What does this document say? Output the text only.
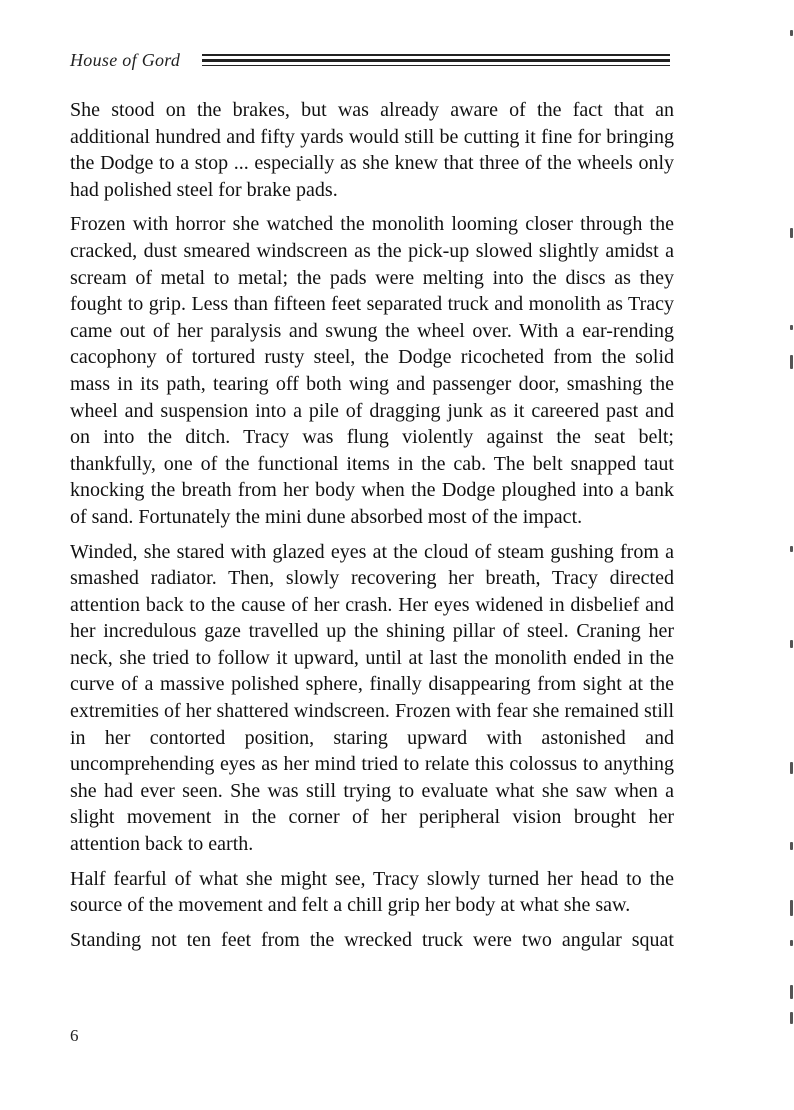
House of Gord

She stood on the brakes, but was already aware of the fact that an additional hundred and fifty yards would still be cutting it fine for bringing the Dodge to a stop ... especially as she knew that three of the wheels only had polished steel for brake pads.

Frozen with horror she watched the monolith looming closer through the cracked, dust smeared windscreen as the pick-up slowed slightly amidst a scream of metal to metal; the pads were melting into the discs as they fought to grip. Less than fifteen feet separated truck and monolith as Tracy came out of her paralysis and swung the wheel over. With a ear-rending cacophony of tortured rusty steel, the Dodge ricocheted from the solid mass in its path, tearing off both wing and passenger door, smashing the wheel and suspension into a pile of dragging junk as it careered past and on into the ditch. Tracy was flung violently against the seat belt; thankfully, one of the functional items in the cab. The belt snapped taut knocking the breath from her body when the Dodge ploughed into a bank of sand. Fortunately the mini dune absorbed most of the impact.

Winded, she stared with glazed eyes at the cloud of steam gushing from a smashed radiator. Then, slowly recovering her breath, Tracy directed attention back to the cause of her crash. Her eyes widened in disbelief and her incredulous gaze travelled up the shining pillar of steel. Craning her neck, she tried to follow it upward, until at last the monolith ended in the curve of a massive polished sphere, finally disappearing from sight at the extremities of her shattered windscreen. Frozen with fear she remained still in her contorted position, staring upward with astonished and uncomprehending eyes as her mind tried to relate this colossus to anything she had ever seen. She was still trying to evaluate what she saw when a slight movement in the corner of her peripheral vision brought her attention back to earth.

Half fearful of what she might see, Tracy slowly turned her head to the source of the movement and felt a chill grip her body at what she saw.

Standing not ten feet from the wrecked truck were two angular squat

6
